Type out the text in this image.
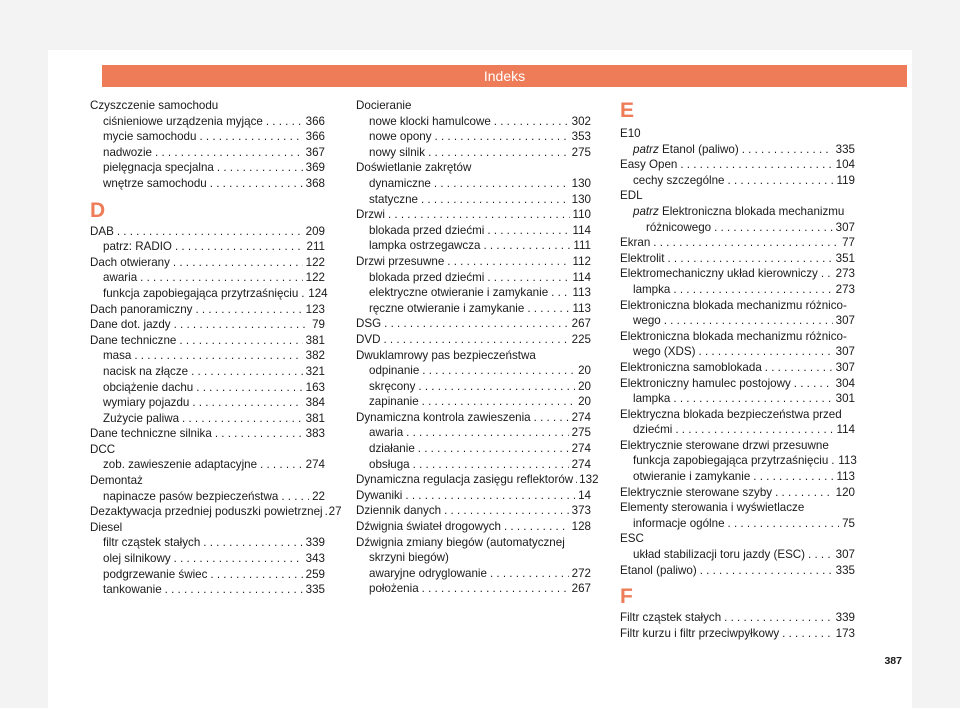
Indeks
Czyszczenie samochodu
ciśnieniowe urządzenia myjące . . .	366
mycie samochodu . . .	366
nadwozie . . .	367
pielęgnacja specjalna . . .	369
wnętrze samochodu . . .	368
D
DAB . . .	209
patrz: RADIO . . .	211
Dach otwierany . . .	122
awaria . . .	122
funkcja zapobiegająca przytrzaśnięciu . . . 124
Dach panoramiczny . . .	123
Dane dot. jazdy . . .	79
Dane techniczne . . .	381
masa . . .	382
nacisk na złącze . . .	321
obciążenie dachu . . .	163
wymiary pojazdu . . .	384
Zużycie paliwa . . .	381
Dane techniczne silnika . . .	383
DCC
zob. zawieszenie adaptacyjne . . .	274
Demontaż
napinacze pasów bezpieczeństwa . . .	22
Dezaktywacja przedniej poduszki powietrznej . . . 27
Diesel
filtr cząstek stałych . . .	339
olej silnikowy . . .	343
podgrzewanie świec . . .	259
tankowanie . . .	335
Docieranie
nowe klocki hamulcowe . . .	302
nowe opony . . .	353
nowy silnik . . .	275
Doświetlanie zakrętów
dynamiczne . . .	130
statyczne . . .	130
Drzwi . . .	110
blokada przed dziećmi . . .	114
lampka ostrzegawcza . . .	111
Drzwi przesuwne . . .	112
blokada przed dziećmi . . .	114
elektryczne otwieranie i zamykanie . . . 113
ręczne otwieranie i zamykanie . . .	113
DSG . . .	267
DVD . . .	225
Dwuklamrowy pas bezpieczeństwa
odpinanie . . .	20
skręcony . . .	20
zapinanie . . .	20
Dynamiczna kontrola zawieszenia . . .	274
awaria . . .	275
działanie . . .	274
obsługa . . .	274
Dynamiczna regulacja zasięgu reflektorów . . . 132
Dywaniki . . .	14
Dziennik danych . . .	373
Dźwignia świateł drogowych . . .	128
Dźwignia zmiany biegów (automatycznej
skrzyni biegów)
awaryjne odryglowanie . . .	272
położenia . . .	267
E
E10
patrz Etanol (paliwo) . . .	335
Easy Open . . .	104
cechy szczególne . . .	119
EDL
patrz Elektroniczna blokada mechanizmu
różnicowego . . .	307
Ekran . . .	77
Elektrolit . . .	351
Elektromechaniczny układ kierowniczy . . . 273
lampka . . .	273
Elektroniczna blokada mechanizmu różnico-
wego . . .	307
Elektroniczna blokada mechanizmu różnico-
wego (XDS) . . .	307
Elektroniczna samoblokada . . .	307
Elektroniczny hamulec postojowy . . .	304
lampka . . .	301
Elektryczna blokada bezpieczeństwa przed
dziećmi . . .	114
Elektrycznie sterowane drzwi przesuwne
funkcja zapobiegająca przytrzaśnięciu . . . 113
otwieranie i zamykanie . . .	113
Elektrycznie sterowane szyby . . .	120
Elementy sterowania i wyświetlacze
informacje ogólne . . .	75
ESC
układ stabilizacji toru jazdy (ESC) . . .	307
Etanol (paliwo) . . .	335
F
Filtr cząstek stałych . . .	339
Filtr kurzu i filtr przeciwpyłkowy . . .	173
387
